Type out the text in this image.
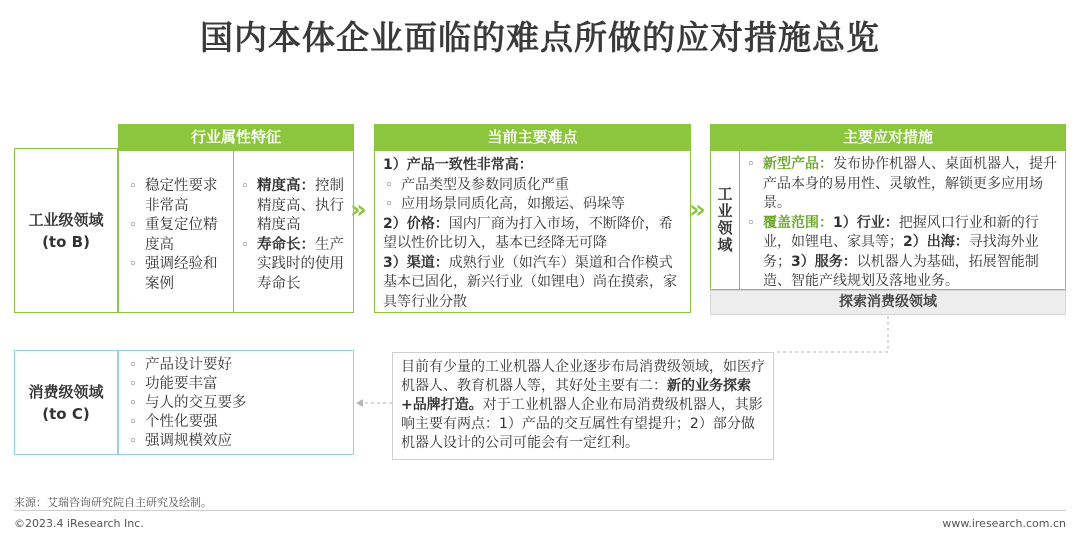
国内本体企业面临的难点所做的应对措施总览
工业级领域
(to B)
行业属性特征
◦ 稳定性要求非常高
◦ 重复定位精度高
◦ 强调经验和案例
◦ 精度高：控制精度高、执行精度高
◦ 寿命长：生产实践时的使用寿命长
»
当前主要难点
1）产品一致性非常高：
◦ 产品类型及参数同质化严重
◦ 应用场景同质化高，如搬运、码垛等
2）价格：国内厂商为打入市场，不断降价，希望以性价比切入，基本已经降无可降
3）渠道：成熟行业（如汽车）渠道和合作模式基本已固化，新兴行业（如锂电）尚在摸索，家具等行业分散
»
主要应对措施
工业领域
◦ 新型产品：发布协作机器人、桌面机器人，提升产品本身的易用性、灵敏性，解锁更多应用场景。
◦ 覆盖范围：1）行业：把握风口行业和新的行业，如锂电、家具等；2）出海：寻找海外业务；3）服务：以机器人为基础，拓展智能制造、智能产线规划及落地业务。
探索消费级领域
消费级领域
(to C)
◦ 产品设计要好
◦ 功能要丰富
◦ 与人的交互要多
◦ 个性化要强
◦ 强调规模效应
目前有少量的工业机器人企业逐步布局消费级领域，如医疗机器人、教育机器人等，其好处主要有二：新的业务探索+品牌打造。对于工业机器人企业布局消费级机器人，其影响主要有两点：1）产品的交互属性有望提升；2）部分做机器人设计的公司可能会有一定红利。
来源：艾瑞咨询研究院自主研究及绘制。
©2023.4 iResearch Inc.	www.iresearch.com.cn
